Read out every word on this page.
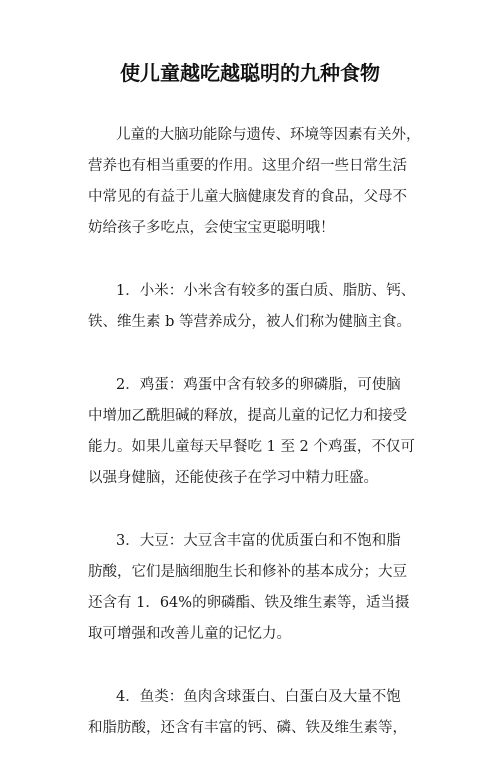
使儿童越吃越聪明的九种食物

儿童的大脑功能除与遗传、环境等因素有关外，
营养也有相当重要的作用。这里介绍一些日常生活
中常见的有益于儿童大脑健康发育的食品，父母不
妨给孩子多吃点，会使宝宝更聪明哦！

1．小米：小米含有较多的蛋白质、脂肪、钙、
铁、维生素 b 等营养成分，被人们称为健脑主食。

2．鸡蛋：鸡蛋中含有较多的卵磷脂，可使脑
中增加乙酰胆碱的释放，提高儿童的记忆力和接受
能力。如果儿童每天早餐吃 1 至 2 个鸡蛋，不仅可
以强身健脑，还能使孩子在学习中精力旺盛。

3．大豆：大豆含丰富的优质蛋白和不饱和脂
肪酸，它们是脑细胞生长和修补的基本成分；大豆
还含有 1．64%的卵磷酯、铁及维生素等，适当摄
取可增强和改善儿童的记忆力。

4．鱼类：鱼肉含球蛋白、白蛋白及大量不饱
和脂肪酸，还含有丰富的钙、磷、铁及维生素等，
